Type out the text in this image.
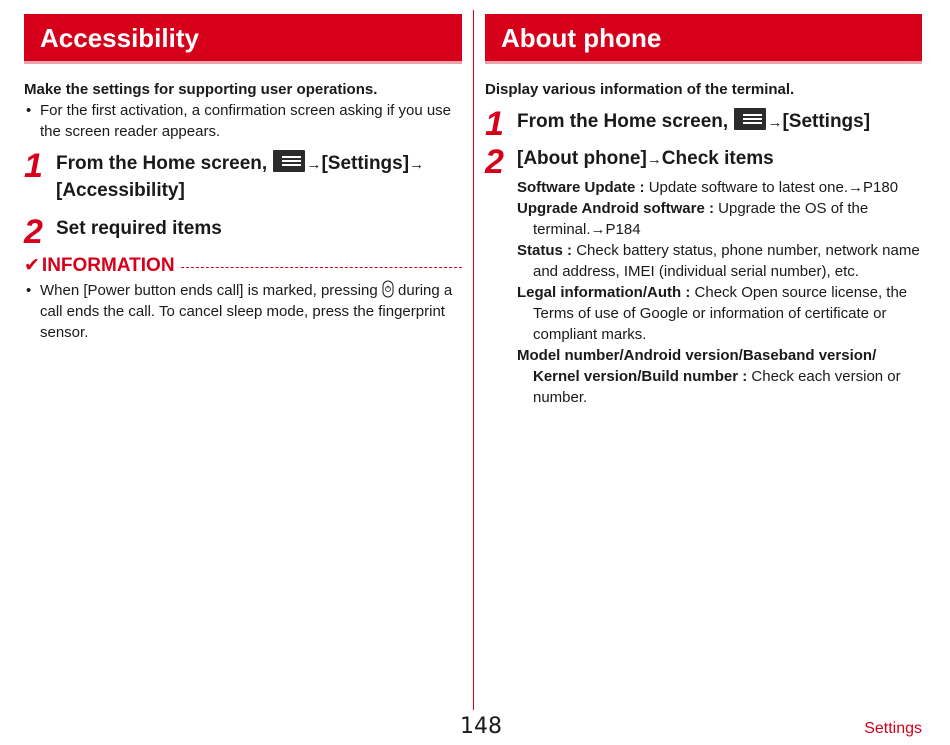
Accessibility
Make the settings for supporting user operations.
• For the first activation, a confirmation screen asking if you use the screen reader appears.
1 From the Home screen,	→[Settings]→
[Accessibility]
2 Set required items
✔ INFORMATION
• When [Power button ends call] is marked, pressing during a call ends the call. To cancel sleep mode, press the fingerprint sensor.
About phone
Display various information of the terminal.
1 From the Home screen,	→[Settings]
2 [About phone]→Check items
Software Update : Update software to latest one.→P180
Upgrade Android software : Upgrade the OS of the terminal.→P184
Status : Check battery status, phone number, network name and address, IMEI (individual serial number), etc.
Legal information/Auth : Check Open source license, the Terms of use of Google or information of certificate or compliant marks.
Model number/Android version/Baseband version/ Kernel version/Build number : Check each version or number.
148	Settings
